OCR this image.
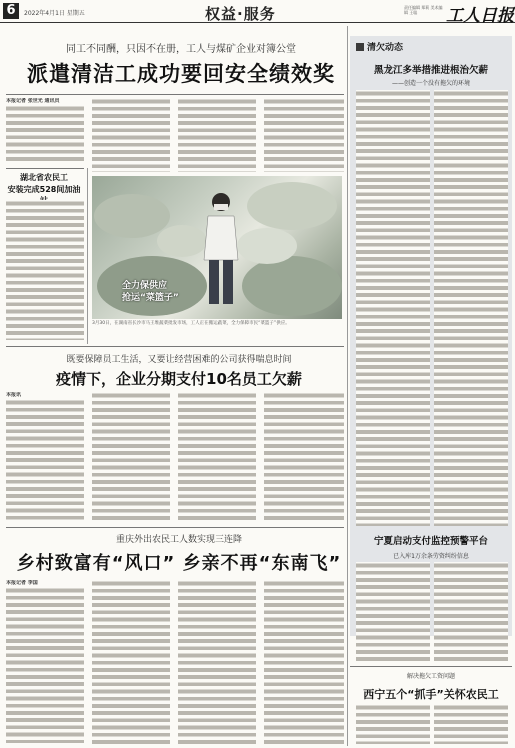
6	2022年4月1日 星期五	权益·服务	责任编辑 郑莉 美术编辑 王聪	工人日报
同工不同酬，只因不在册，工人与煤矿企业对簿公堂
派遣清洁工成功要回安全绩效奖
本报记者 张世光 通讯员
湖北省农民工
安装完成528间加油
全力保供应
抢运“菜篮子”
3月30日，在湖南省长沙市马王堆蔬菜批发市场，工人正在搬运蔬菜，全力保障市民“菜篮子”供应。
既要保障员工生活，又要让经营困难的公司获得喘息时间
疫情下，企业分期支付10名员工欠薪
本报讯
重庆外出农民工人数实现三连降
乡村致富有“风口” 乡亲不再“东南飞”
本报记者 李国
清欠动态
黑龙江多举措推进根治欠薪
——创造一个没有拖欠的环境
宁夏启动支付监控预警平台
已入库1万余条劳资纠纷信息
解决拖欠工资问题
西宁五个“抓手”关怀农民工
